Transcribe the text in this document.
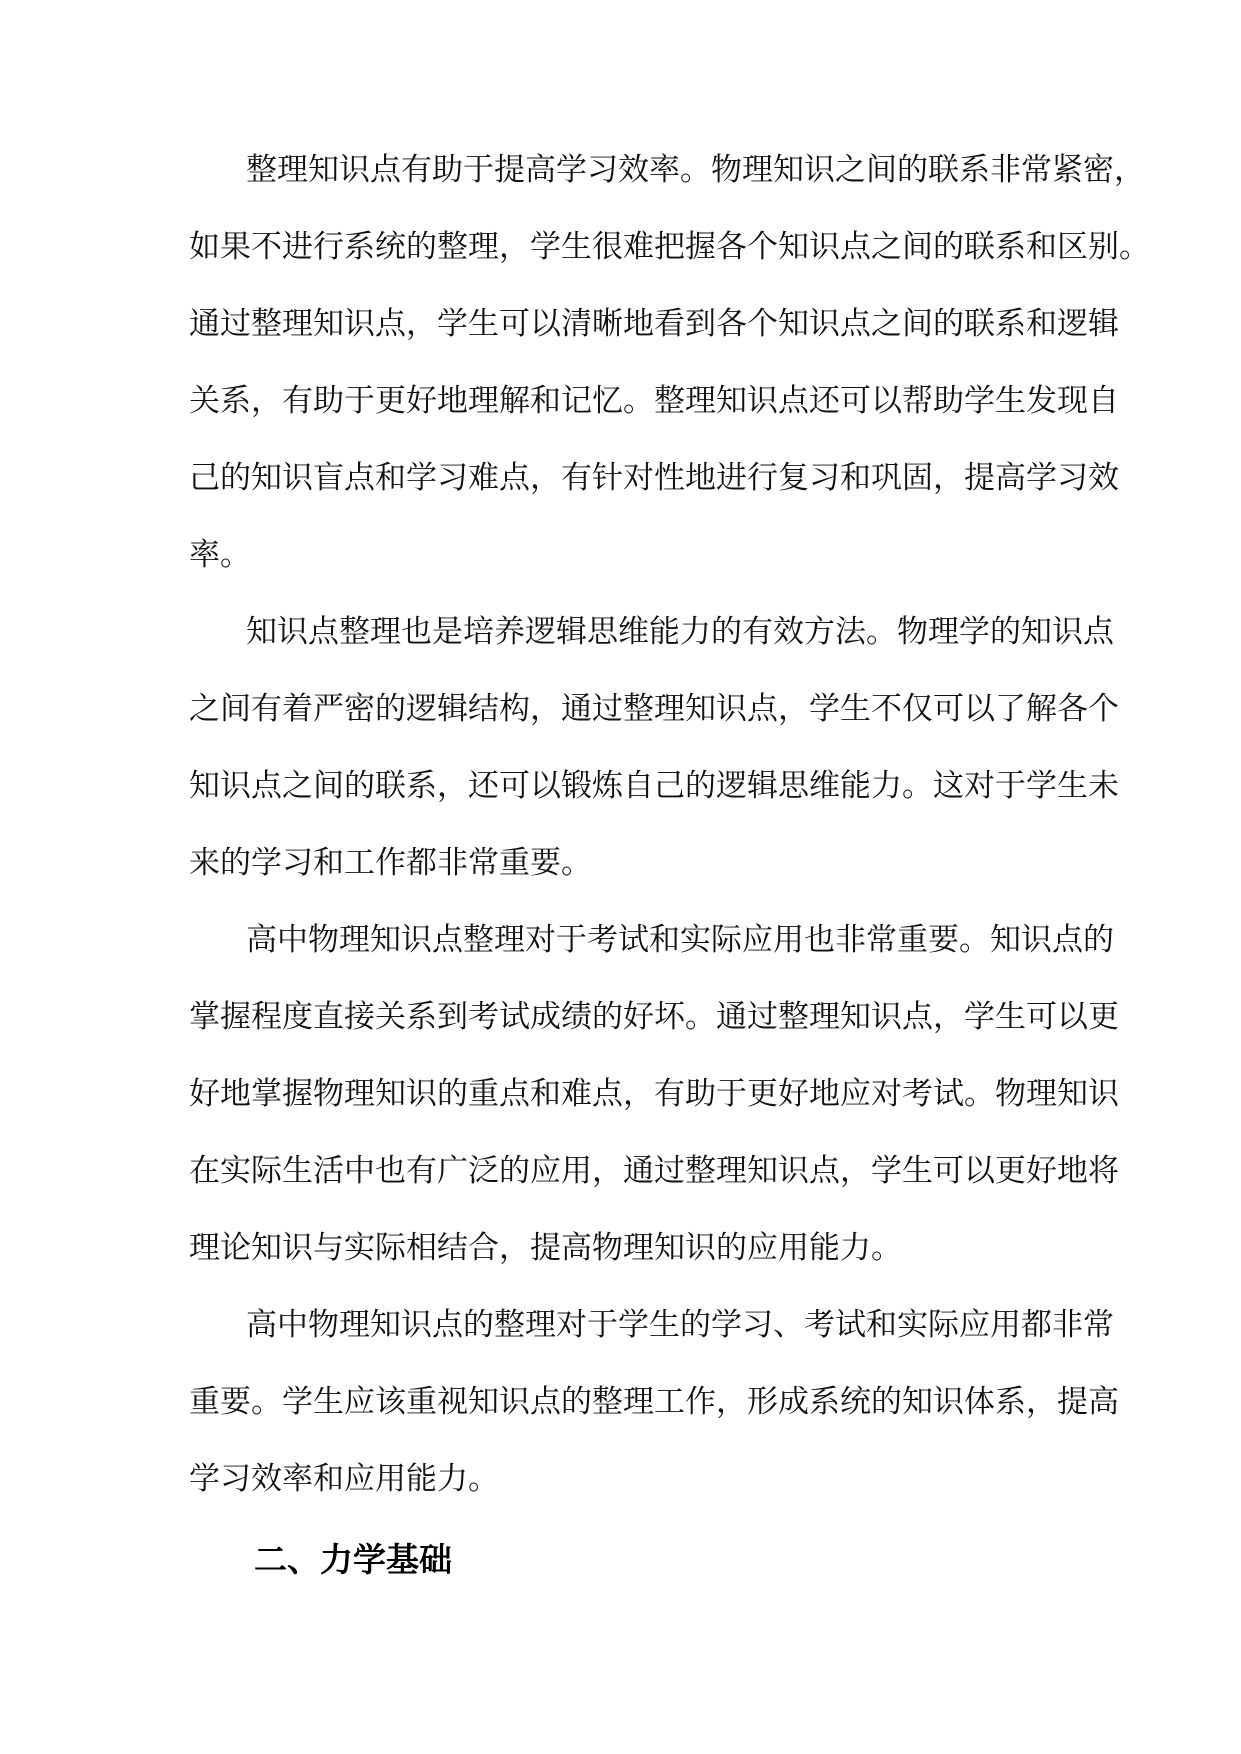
整理知识点有助于提高学习效率。物理知识之间的联系非常紧密，
如果不进行系统的整理，学生很难把握各个知识点之间的联系和区别。
通过整理知识点，学生可以清晰地看到各个知识点之间的联系和逻辑
关系，有助于更好地理解和记忆。整理知识点还可以帮助学生发现自
己的知识盲点和学习难点，有针对性地进行复习和巩固，提高学习效
率。
知识点整理也是培养逻辑思维能力的有效方法。物理学的知识点
之间有着严密的逻辑结构，通过整理知识点，学生不仅可以了解各个
知识点之间的联系，还可以锻炼自己的逻辑思维能力。这对于学生未
来的学习和工作都非常重要。
高中物理知识点整理对于考试和实际应用也非常重要。知识点的
掌握程度直接关系到考试成绩的好坏。通过整理知识点，学生可以更
好地掌握物理知识的重点和难点，有助于更好地应对考试。物理知识
在实际生活中也有广泛的应用，通过整理知识点，学生可以更好地将
理论知识与实际相结合，提高物理知识的应用能力。
高中物理知识点的整理对于学生的学习、考试和实际应用都非常
重要。学生应该重视知识点的整理工作，形成系统的知识体系，提高
学习效率和应用能力。
二、力学基础
